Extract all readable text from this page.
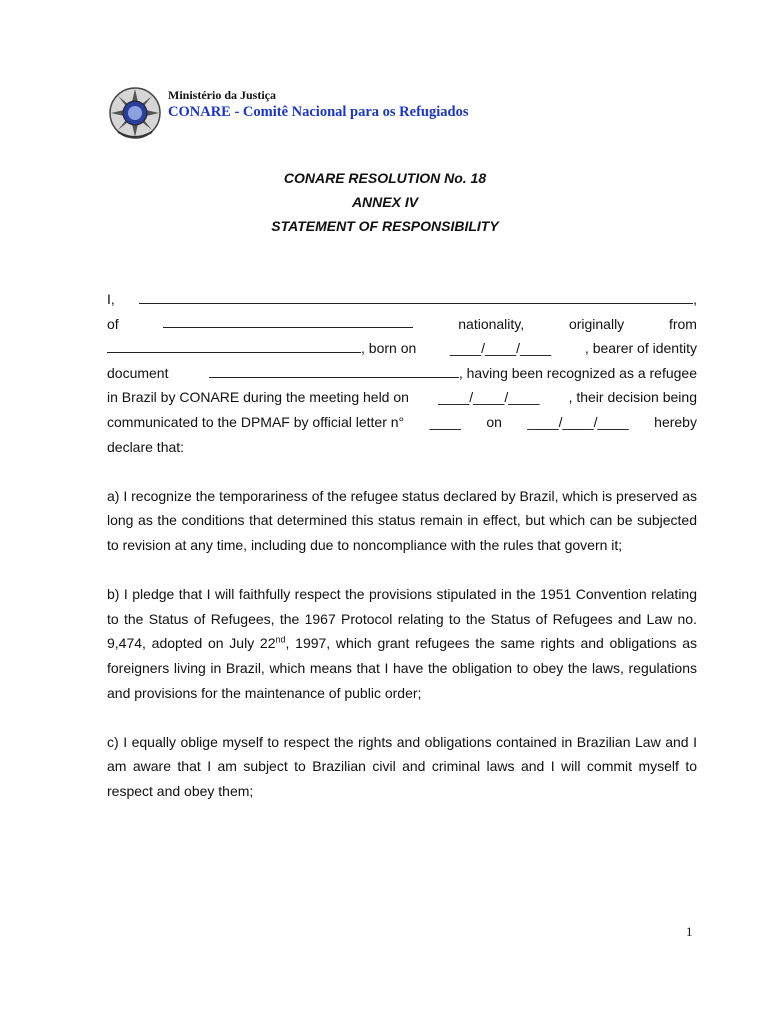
Ministério da Justiça
CONARE - Comitê Nacional para os Refugiados
CONARE RESOLUTION No. 18
ANNEX IV
STATEMENT OF RESPONSIBILITY
I,	,
of	nationality,	originally	from
, born on ____/____/____ , bearer of identity
document	, having been recognized as a refugee
in Brazil by CONARE during the meeting held on ____/____/____ , their decision being
communicated to the DPMAF by official letter n° ____ on ____/____/____ hereby
declare that:

a) I recognize the temporariness of the refugee status declared by Brazil, which is preserved as long as the conditions that determined this status remain in effect, but which can be subjected to revision at any time, including due to noncompliance with the rules that govern it;

b) I pledge that I will faithfully respect the provisions stipulated in the 1951 Convention relating to the Status of Refugees, the 1967 Protocol relating to the Status of Refugees and Law no. 9,474, adopted on July 22nd, 1997, which grant refugees the same rights and obligations as foreigners living in Brazil, which means that I have the obligation to obey the laws, regulations and provisions for the maintenance of public order;

c) I equally oblige myself to respect the rights and obligations contained in Brazilian Law and I am aware that I am subject to Brazilian civil and criminal laws and I will commit myself to respect and obey them;

1
